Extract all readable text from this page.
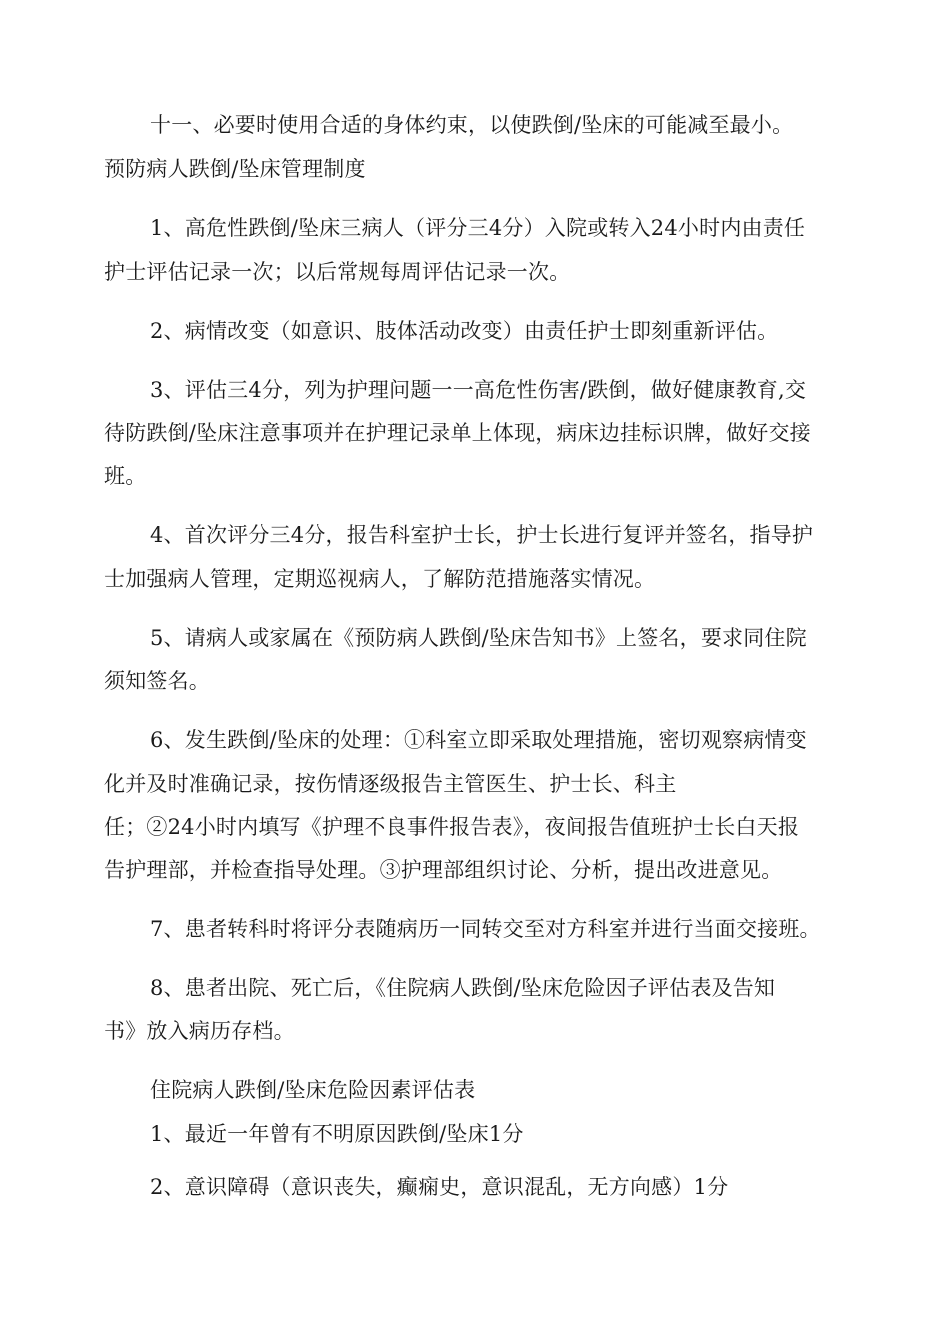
十一、必要时使用合适的身体约束，以使跌倒/坠床的可能减至最小。
预防病人跌倒/坠床管理制度
1、高危性跌倒/坠床三病人（评分三4分）入院或转入24小时内由责任
护士评估记录一次；以后常规每周评估记录一次。
2、病情改变（如意识、肢体活动改变）由责任护士即刻重新评估。
3、评估三4分，列为护理问题一一高危性伤害/跌倒，做好健康教育,交
待防跌倒/坠床注意事项并在护理记录单上体现，病床边挂标识牌，做好交接
班。
4、首次评分三4分，报告科室护士长，护士长进行复评并签名，指导护
士加强病人管理，定期巡视病人，了解防范措施落实情况。
5、请病人或家属在《预防病人跌倒/坠床告知书》上签名，要求同住院
须知签名。
6、发生跌倒/坠床的处理：①科室立即采取处理措施，密切观察病情变
化并及时准确记录，按伤情逐级报告主管医生、护士长、科主
任；②24小时内填写《护理不良事件报告表》，夜间报告值班护士长白天报
告护理部，并检查指导处理。③护理部组织讨论、分析，提出改进意见。
7、患者转科时将评分表随病历一同转交至对方科室并进行当面交接班。
8、患者出院、死亡后，《住院病人跌倒/坠床危险因子评估表及告知
书》放入病历存档。
住院病人跌倒/坠床危险因素评估表
1、最近一年曾有不明原因跌倒/坠床1分
2、意识障碍（意识丧失，癫痫史，意识混乱，无方向感）1分
